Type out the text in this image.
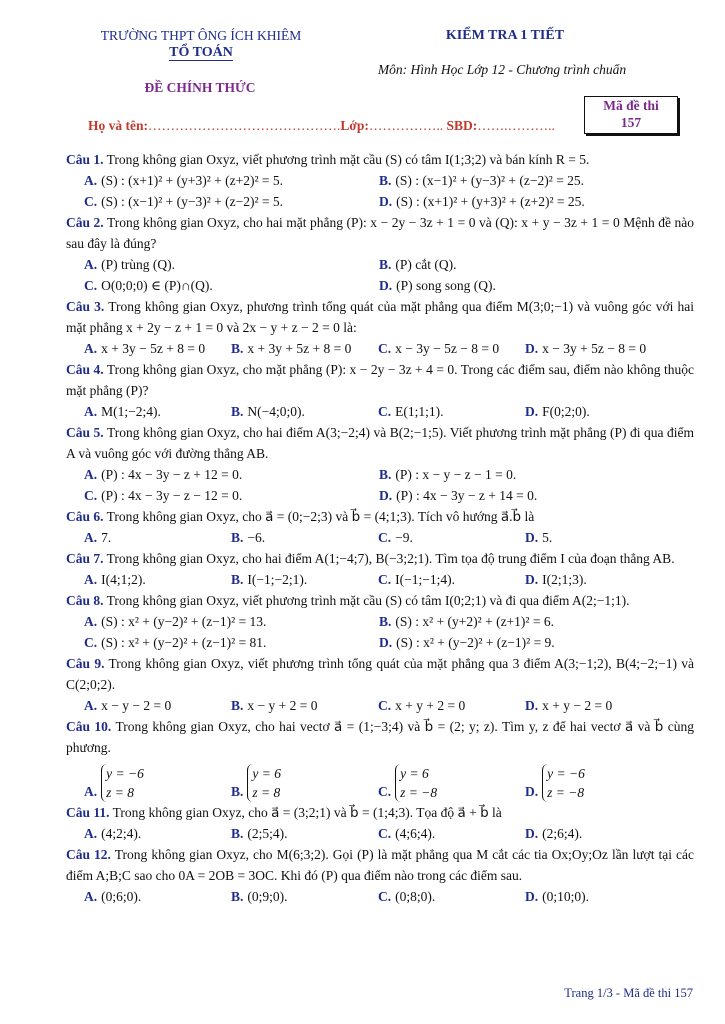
TRƯỜNG THPT ÔNG ÍCH KHIÊM
TỔ TOÁN
KIỂM TRA 1 TIẾT
Môn: Hình Học Lớp 12 - Chương trình chuẩn
ĐỀ CHÍNH THỨC
Mã đề thi
157
Họ và tên:…………………………………….Lớp:…………….. SBD:…….………..

Câu 1. Trong không gian Oxyz, viết phương trình mặt cầu (S) có tâm I(1;3;2) và bán kính R = 5.

A. (S) : (x+1)² + (y+3)² + (z+2)² = 5.	B. (S) : (x−1)² + (y−3)² + (z−2)² = 25.
C. (S) : (x−1)² + (y−3)² + (z−2)² = 5.	D. (S) : (x+1)² + (y+3)² + (z+2)² = 25.

Câu 2. Trong không gian Oxyz, cho hai mặt phẳng (P): x − 2y − 3z + 1 = 0 và (Q): x + y − 3z + 1 = 0 Mệnh đề nào sau đây là đúng?

A. (P) trùng (Q).	B. (P) cắt (Q).
C. O(0;0;0) ∈ (P)∩(Q).	D. (P) song song (Q).

Câu 3. Trong không gian Oxyz, phương trình tổng quát của mặt phẳng qua điểm M(3;0;−1) và vuông góc với hai mặt phẳng x + 2y − z + 1 = 0 và 2x − y + z − 2 = 0 là:

A. x + 3y − 5z + 8 = 0	B. x + 3y + 5z + 8 = 0	C. x − 3y − 5z − 8 = 0	D. x − 3y + 5z − 8 = 0

Câu 4. Trong không gian Oxyz, cho mặt phẳng (P): x − 2y − 3z + 4 = 0. Trong các điểm sau, điểm nào không thuộc mặt phẳng (P)?

A. M(1;−2;4).	B. N(−4;0;0).	C. E(1;1;1).	D. F(0;2;0).

Câu 5. Trong không gian Oxyz, cho hai điểm A(3;−2;4) và B(2;−1;5). Viết phương trình mặt phẳng (P) đi qua điểm A và vuông góc với đường thẳng AB.

A. (P) : 4x − 3y − z + 12 = 0.	B. (P) : x − y − z − 1 = 0.
C. (P) : 4x − 3y − z − 12 = 0.	D. (P) : 4x − 3y − z + 14 = 0.

Câu 6. Trong không gian Oxyz, cho a⃗ = (0;−2;3) và b⃗ = (4;1;3). Tích vô hướng a⃗.b⃗ là

A. 7.	B. −6.	C. −9.	D. 5.

Câu 7. Trong không gian Oxyz, cho hai điểm A(1;−4;7), B(−3;2;1). Tìm tọa độ trung điểm I của đoạn thẳng AB.

A. I(4;1;2).	B. I(−1;−2;1).	C. I(−1;−1;4).	D. I(2;1;3).

Câu 8. Trong không gian Oxyz, viết phương trình mặt cầu (S) có tâm I(0;2;1) và đi qua điểm A(2;−1;1).

A. (S) : x² + (y−2)² + (z−1)² = 13.	B. (S) : x² + (y+2)² + (z+1)² = 6.
C. (S) : x² + (y−2)² + (z−1)² = 81.	D. (S) : x² + (y−2)² + (z−1)² = 9.

Câu 9. Trong không gian Oxyz, viết phương trình tổng quát của mặt phẳng qua 3 điểm A(3;−1;2), B(4;−2;−1) và C(2;0;2).

A. x − y − 2 = 0	B. x − y + 2 = 0	C. x + y + 2 = 0	D. x + y − 2 = 0

Câu 10. Trong không gian Oxyz, cho hai vectơ a⃗ = (1;−3;4) và b⃗ = (2; y; z). Tìm y, z để hai vectơ a⃗ và b⃗ cùng phương.

A.
y = −6
z = 8	B.
y = 6
z = 8	C.
y = 6
z = −8	D.
y = −6
z = −8

Câu 11. Trong không gian Oxyz, cho a⃗ = (3;2;1) và b⃗ = (1;4;3). Tọa độ a⃗ + b⃗ là

A. (4;2;4).	B. (2;5;4).	C. (4;6;4).	D. (2;6;4).

Câu 12. Trong không gian Oxyz, cho M(6;3;2). Gọi (P) là mặt phẳng qua M cắt các tia Ox;Oy;Oz lần lượt tại các điểm A;B;C sao cho 0A = 2OB = 3OC. Khi đó (P) qua điểm nào trong các điểm sau.

A. (0;6;0).	B. (0;9;0).	C. (0;8;0).	D. (0;10;0).
Trang 1/3 - Mã đề thi 157
